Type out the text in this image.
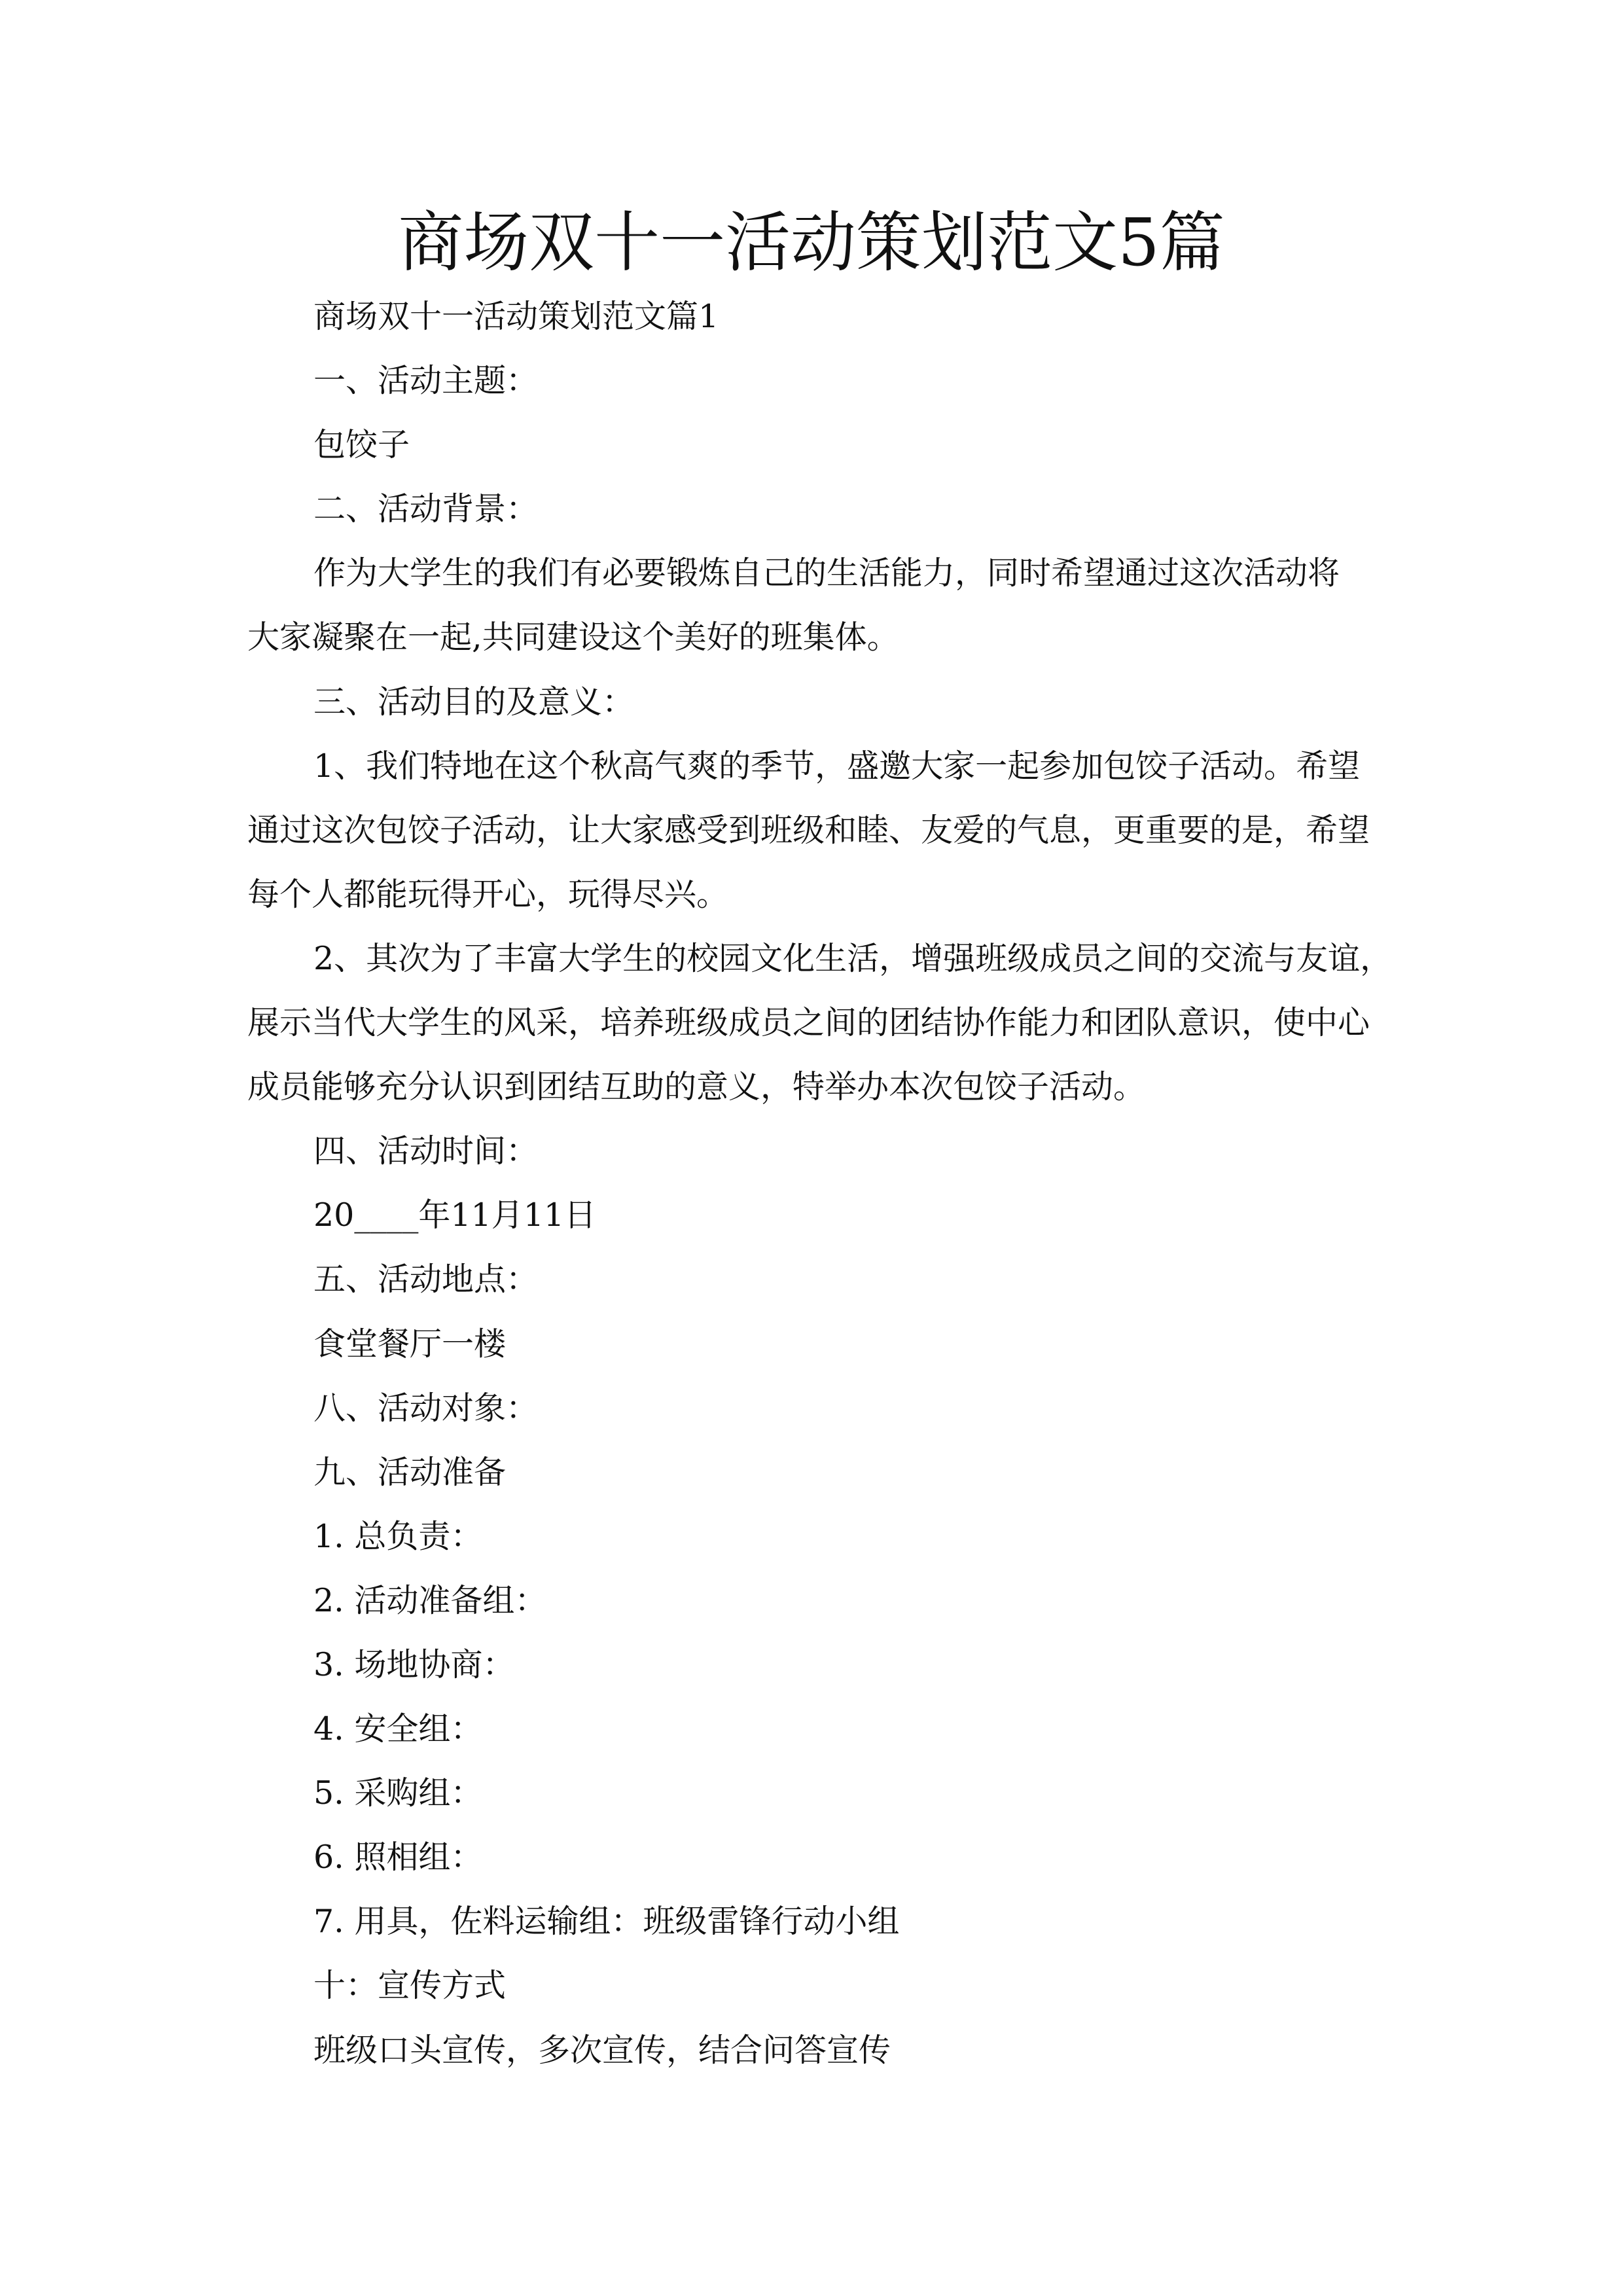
商场双十一活动策划范文5篇
商场双十一活动策划范文篇1
一、活动主题：
包饺子
二、活动背景：
作为大学生的我们有必要锻炼自己的生活能力，同时希望通过这次活动将
大家凝聚在一起,共同建设这个美好的班集体。
三、活动目的及意义：
1、我们特地在这个秋高气爽的季节，盛邀大家一起参加包饺子活动。希望
通过这次包饺子活动，让大家感受到班级和睦、友爱的气息，更重要的是，希望
每个人都能玩得开心，玩得尽兴。
2、其次为了丰富大学生的校园文化生活，增强班级成员之间的交流与友谊，
展示当代大学生的风采，培养班级成员之间的团结协作能力和团队意识，使中心
成员能够充分认识到团结互助的意义，特举办本次包饺子活动。
四、活动时间：
20____年11月11日
五、活动地点：
食堂餐厅一楼
八、活动对象：
九、活动准备
1. 总负责：
2. 活动准备组：
3. 场地协商：
4. 安全组：
5. 采购组：
6. 照相组：
7. 用具，佐料运输组：班级雷锋行动小组
十：宣传方式
班级口头宣传，多次宣传，结合问答宣传
